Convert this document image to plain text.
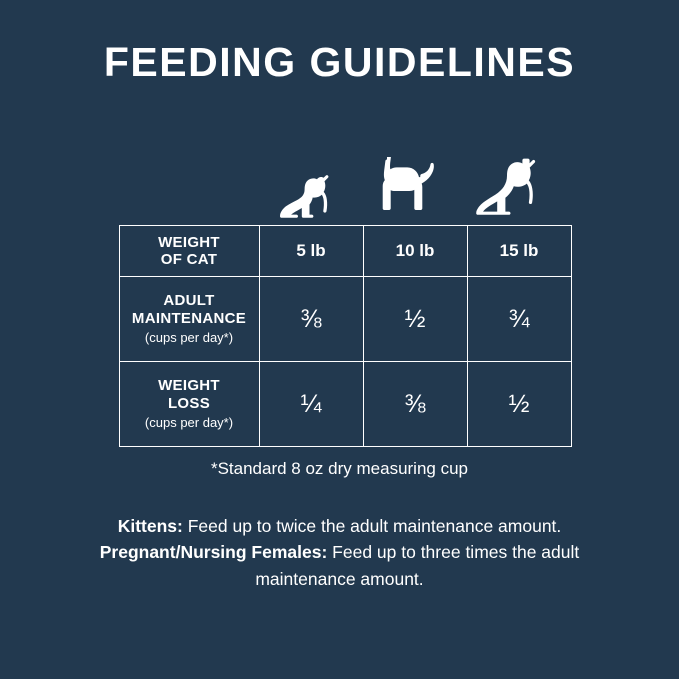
FEEDING GUIDELINES
WEIGHT
OF CAT	5 lb	10 lb	15 lb
ADULT
MAINTENANCE
(cups per day*)	⅜	½	¾
WEIGHT
LOSS
(cups per day*)	¼	⅜	½
*Standard 8 oz dry measuring cup

Kittens: Feed up to twice the adult maintenance amount.

Pregnant/Nursing Females: Feed up to three times the adult maintenance amount.
